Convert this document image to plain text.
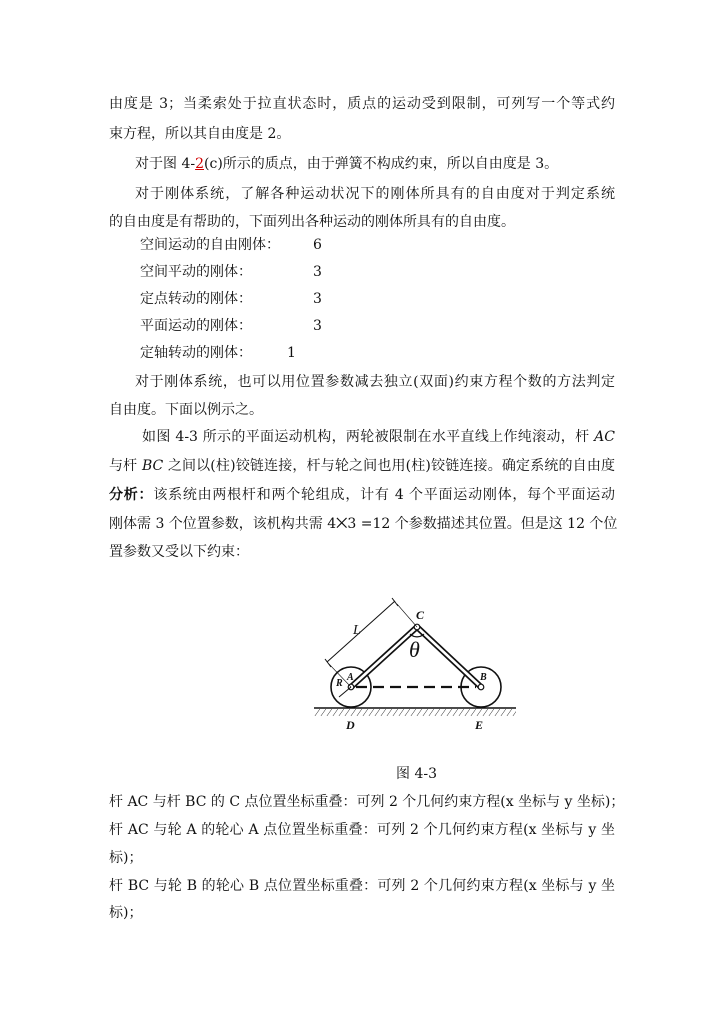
由度是 3；当柔索处于拉直状态时，质点的运动受到限制，可列写一个等式约
束方程，所以其自由度是 2。
对于图 4-2(c)所示的质点，由于弹簧不构成约束，所以自由度是 3。
对于刚体系统，了解各种运动状况下的刚体所具有的自由度对于判定系统
的自由度是有帮助的，下面列出各种运动的刚体所具有的自由度。
空间运动的自由刚体： 6
空间平动的刚体：	3
定点转动的刚体：	3
平面运动的刚体：	3
定轴转动的刚体：	1
对于刚体系统，也可以用位置参数减去独立(双面)约束方程个数的方法判定
自由度。下面以例示之。
如图 4-3 所示的平面运动机构，两轮被限制在水平直线上作纯滚动，杆 AC
与杆 BC 之间以(柱)铰链连接，杆与轮之间也用(柱)铰链连接。确定系统的自由度
分析：该系统由两根杆和两个轮组成，计有 4 个平面运动刚体，每个平面运动
刚体需 3 个位置参数，该机构共需 4⨉3 =12 个参数描述其位置。但是这 12 个位
置参数又受以下约束：
C
L
θ
A
R
B
D	E
图 4-3
杆 AC 与杆 BC 的 C 点位置坐标重叠：可列 2 个几何约束方程(x 坐标与 y 坐标)；
杆 AC 与轮 A 的轮心 A 点位置坐标重叠：可列 2 个几何约束方程(x 坐标与 y 坐
标)；
杆 BC 与轮 B 的轮心 B 点位置坐标重叠：可列 2 个几何约束方程(x 坐标与 y 坐
标)；
